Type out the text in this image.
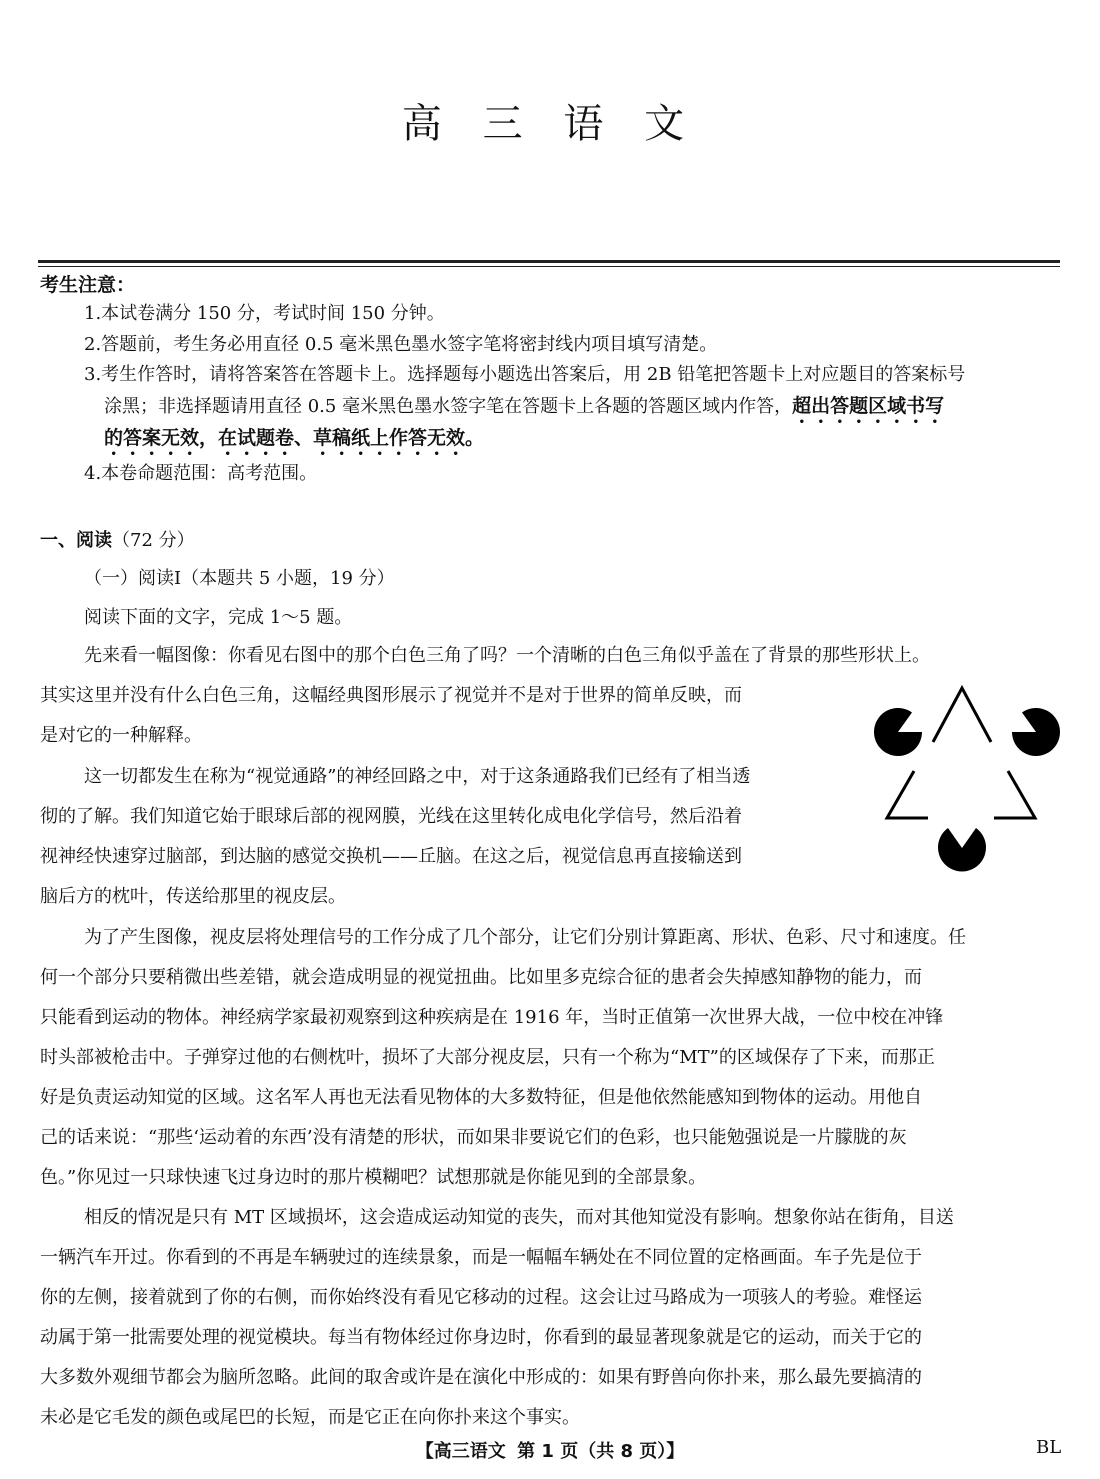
高 三 语 文
考生注意：
1.本试卷满分 150 分，考试时间 150 分钟。
2.答题前，考生务必用直径 0.5 毫米黑色墨水签字笔将密封线内项目填写清楚。
3.考生作答时，请将答案答在答题卡上。选择题每小题选出答案后，用 2B 铅笔把答题卡上对应题目的答案标号
涂黑；非选择题请用直径 0.5 毫米黑色墨水签字笔在答题卡上各题的答题区域内作答，超出答题区域书写
的答案无效，在试题卷、草稿纸上作答无效。
4.本卷命题范围：高考范围。
一、阅读（72 分）
（一）阅读Ⅰ（本题共 5 小题，19 分）
阅读下面的文字，完成 1～5 题。
先来看一幅图像：你看见右图中的那个白色三角了吗？一个清晰的白色三角似乎盖在了背景的那些形状上。
其实这里并没有什么白色三角，这幅经典图形展示了视觉并不是对于世界的简单反映，而
是对它的一种解释。
这一切都发生在称为“视觉通路”的神经回路之中，对于这条通路我们已经有了相当透
彻的了解。我们知道它始于眼球后部的视网膜，光线在这里转化成电化学信号，然后沿着
视神经快速穿过脑部，到达脑的感觉交换机——丘脑。在这之后，视觉信息再直接输送到
脑后方的枕叶，传送给那里的视皮层。
为了产生图像，视皮层将处理信号的工作分成了几个部分，让它们分别计算距离、形状、色彩、尺寸和速度。任
何一个部分只要稍微出些差错，就会造成明显的视觉扭曲。比如里多克综合征的患者会失掉感知静物的能力，而
只能看到运动的物体。神经病学家最初观察到这种疾病是在 1916 年，当时正值第一次世界大战，一位中校在冲锋
时头部被枪击中。子弹穿过他的右侧枕叶，损坏了大部分视皮层，只有一个称为“MT”的区域保存了下来，而那正
好是负责运动知觉的区域。这名军人再也无法看见物体的大多数特征，但是他依然能感知到物体的运动。用他自
己的话来说：“那些‘运动着的东西’没有清楚的形状，而如果非要说它们的色彩，也只能勉强说是一片朦胧的灰
色。”你见过一只球快速飞过身边时的那片模糊吧？试想那就是你能见到的全部景象。
相反的情况是只有 MT 区域损坏，这会造成运动知觉的丧失，而对其他知觉没有影响。想象你站在街角，目送
一辆汽车开过。你看到的不再是车辆驶过的连续景象，而是一幅幅车辆处在不同位置的定格画面。车子先是位于
你的左侧，接着就到了你的右侧，而你始终没有看见它移动的过程。这会让过马路成为一项骇人的考验。难怪运
动属于第一批需要处理的视觉模块。每当有物体经过你身边时，你看到的最显著现象就是它的运动，而关于它的
大多数外观细节都会为脑所忽略。此间的取舍或许是在演化中形成的：如果有野兽向你扑来，那么最先要搞清的
未必是它毛发的颜色或尾巴的长短，而是它正在向你扑来这个事实。
【高三语文 第 1 页（共 8 页）】	BL
